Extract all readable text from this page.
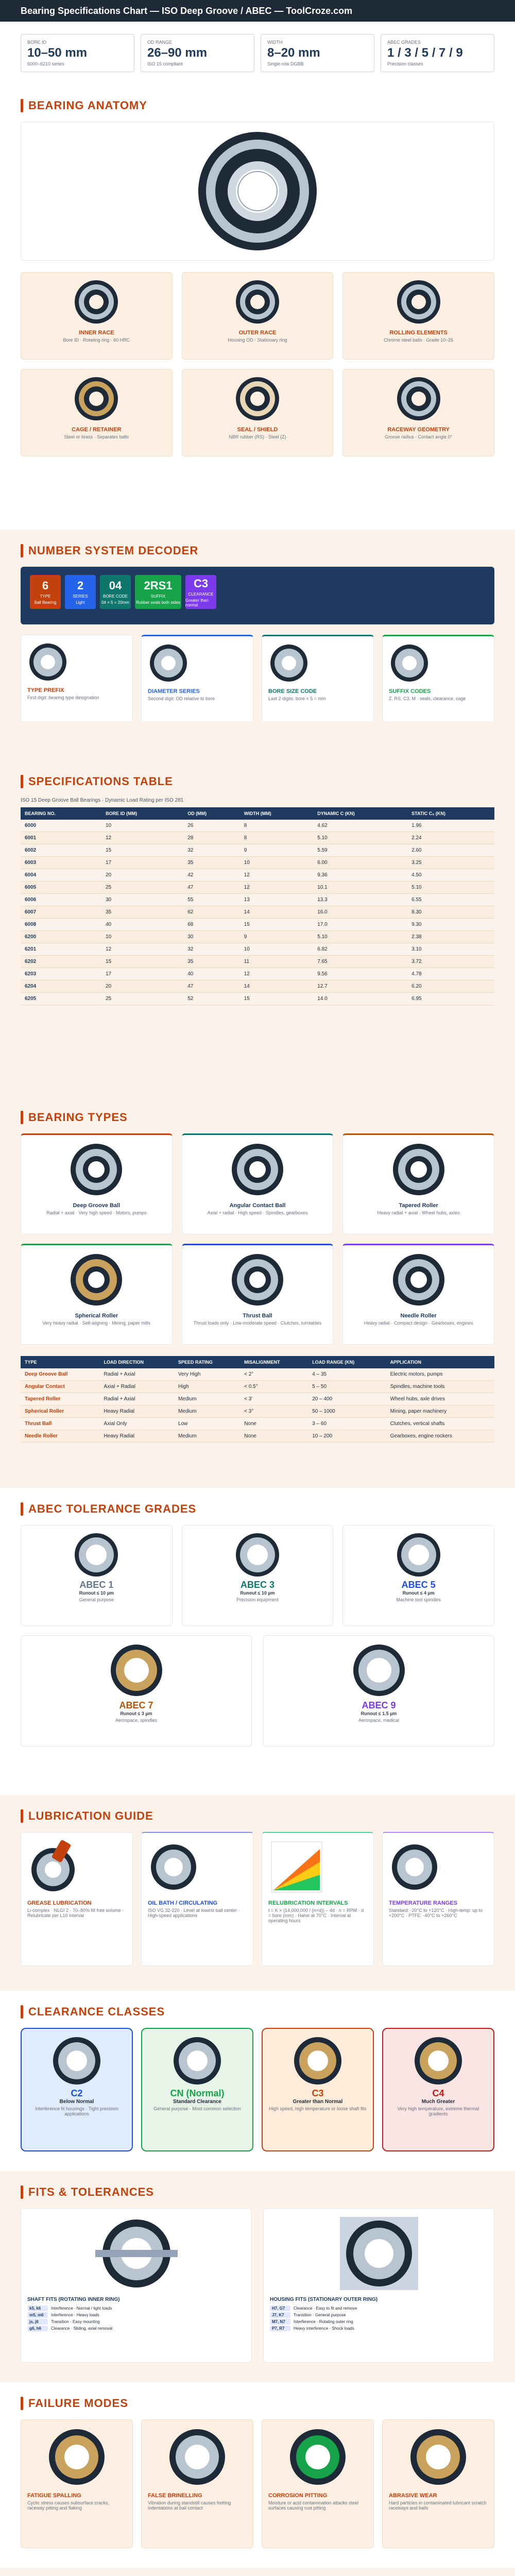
Bearing Specifications Chart — ISO Deep Groove / ABEC — ToolCroze.com
BORE ID
10–50 mm
6000–6210 series
OD RANGE
26–90 mm
ISO 15 compliant
WIDTH
8–20 mm
Single-row DGBB
ABEC GRADES
1 / 3 / 5 / 7 / 9
Precision classes
BEARING ANATOMY
INNER RACE
Bore ID · Rotating ring · 60 HRC
OUTER RACE
Housing OD · Stationary ring
ROLLING ELEMENTS
Chrome steel balls · Grade 10–25
CAGE / RETAINER
Steel or brass · Separates balls
SEAL / SHIELD
NBR rubber (RS) · Steel (Z)
RACEWAY GEOMETRY
Groove radius · Contact angle 0°
NUMBER SYSTEM DECODER
6
TYPE
Ball Bearing
2
SERIES
Light
04
BORE CODE
04 × 5 = 20mm
2RS1
SUFFIX
Rubber seals both sides
C3
CLEARANCE
Greater than normal
TYPE PREFIX
First digit: bearing type designation
DIAMETER SERIES
Second digit: OD relative to bore
BORE SIZE CODE
Last 2 digits: bore × 5 = mm
SUFFIX CODES
Z, RS, C3, M · seals, clearance, cage
SPECIFICATIONS TABLE
ISO 15 Deep Groove Ball Bearings · Dynamic Load Rating per ISO 281
BEARING NO.	BORE ID (MM)	OD (MM)	WIDTH (MM)	DYNAMIC C (KN)	STATIC C₀ (KN)
6000	10	26	8	4.62	1.96
6001	12	28	8	5.10	2.24
6002	15	32	9	5.59	2.60
6003	17	35	10	6.00	3.25
6004	20	42	12	9.36	4.50
6005	25	47	12	10.1	5.10
6006	30	55	13	13.3	6.55
6007	35	62	14	16.0	8.30
6008	40	68	15	17.0	9.30
6200	10	30	9	5.10	2.38
6201	12	32	10	6.82	3.10
6202	15	35	11	7.65	3.72
6203	17	40	12	9.56	4.78
6204	20	47	14	12.7	6.20
6205	25	52	15	14.0	6.95
BEARING TYPES
Deep Groove Ball
Radial + axial · Very high speed · Motors, pumps
Angular Contact Ball
Axial + radial · High speed · Spindles, gearboxes
Tapered Roller
Heavy radial + axial · Wheel hubs, axles
Spherical Roller
Very heavy radial · Self-aligning · Mining, paper mills
Thrust Ball
Thrust loads only · Low-moderate speed · Clutches, turntables
Needle Roller
Heavy radial · Compact design · Gearboxes, engines
TYPE	LOAD DIRECTION	SPEED RATING	MISALIGNMENT	LOAD RANGE (KN)	APPLICATION
Deep Groove Ball	Radial + Axial	Very High	< 2°	4 – 35	Electric motors, pumps
Angular Contact	Axial + Radial	High	< 0.5°	5 – 50	Spindles, machine tools
Tapered Roller	Radial + Axial	Medium	< 3'	20 – 400	Wheel hubs, axle drives
Spherical Roller	Heavy Radial	Medium	< 3°	50 – 1000	Mining, paper machinery
Thrust Ball	Axial Only	Low	None	3 – 60	Clutches, vertical shafts
Needle Roller	Heavy Radial	Medium	None	10 – 200	Gearboxes, engine rockers
ABEC TOLERANCE GRADES
ABEC 1
Runout ≤ 10 µm
General purpose
ABEC 3
Runout ≤ 10 µm
Precision equipment
ABEC 5
Runout ≤ 4 µm
Machine tool spindles
ABEC 7
Runout ≤ 3 µm
Aerospace, spindles
ABEC 9
Runout ≤ 1.5 µm
Aerospace, medical
LUBRICATION GUIDE
GREASE LUBRICATION
Li-complex · NLGI 2 · 70–80% fill free volume · Relubricate per L10 interval
OIL BATH / CIRCULATING
ISO VG 32-220 · Level at lowest ball center · High-speed applications
RELUBRICATION INTERVALS
t = K × (14,000,000 / (n×d)) – 4d · n = RPM · d = bore (mm) · Halve at 70°C · Interval at operating hours
TEMPERATURE RANGES
Standard: -20°C to +120°C · High-temp: up to +200°C · PTFE: -40°C to +260°C
CLEARANCE CLASSES
C2
Below Normal
Interference fit housings · Tight precision applications
CN (Normal)
Standard Clearance
General purpose · Most common selection
C3
Greater than Normal
High speed, high temperature or loose shaft fits
C4
Much Greater
Very high temperature, extreme thermal gradients
FITS & TOLERANCES
SHAFT FITS (ROTATING INNER RING)
k5, k6	Interference · Normal / light loads
m5, m6	Interference · Heavy loads
js, j6	Transition · Easy mounting
g6, h6	Clearance · Sliding, axial removal
HOUSING FITS (STATIONARY OUTER RING)
H7, G7	Clearance · Easy to fit and remove
J7, K7	Transition · General purpose
M7, N7	Interference · Rotating outer ring
P7, R7	Heavy interference · Shock loads
FAILURE MODES
FATIGUE SPALLING
Cyclic stress causes subsurface cracks, raceway pitting and flaking
FALSE BRINELLING
Vibration during standstill causes fretting indentations at ball contact
CORROSION PITTING
Moisture or acid contamination attacks steel surfaces causing rust pitting
ABRASIVE WEAR
Hard particles in contaminated lubricant scratch raceways and balls
